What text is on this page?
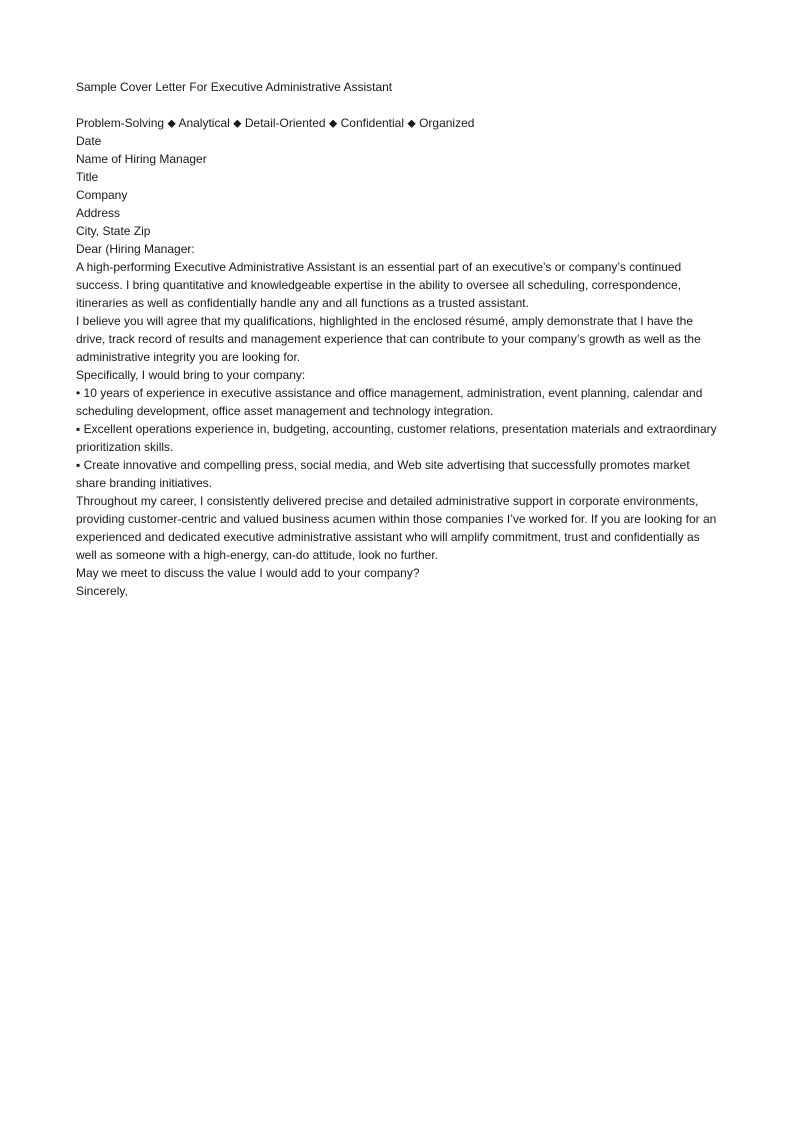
Sample Cover Letter For Executive Administrative Assistant

Problem-Solving ⬥ Analytical ⬥ Detail-Oriented ⬥ Confidential ⬥ Organized

Date

Name of Hiring Manager

Title

Company

Address

City, State Zip

Dear (Hiring Manager:

A high-performing Executive Administrative Assistant is an essential part of an executive’s or company’s continued success. I bring quantitative and knowledgeable expertise in the ability to oversee all scheduling, correspondence, itineraries as well as confidentially handle any and all functions as a trusted assistant.

I believe you will agree that my qualifications, highlighted in the enclosed résumé, amply demonstrate that I have the drive, track record of results and management experience that can contribute to your company’s growth as well as the administrative integrity you are looking for.

Specifically, I would bring to your company:

• 10 years of experience in executive assistance and office management, administration, event planning, calendar and scheduling development, office asset management and technology integration.

▪ Excellent operations experience in, budgeting, accounting, customer relations, presentation materials and extraordinary prioritization skills.

▪ Create innovative and compelling press, social media, and Web site advertising that successfully promotes market share branding initiatives.

Throughout my career, I consistently delivered precise and detailed administrative support in corporate environments, providing customer-centric and valued business acumen within those companies I’ve worked for. If you are looking for an experienced and dedicated executive administrative assistant who will amplify commitment, trust and confidentially as well as someone with a high-energy, can-do attitude, look no further.

May we meet to discuss the value I would add to your company?

Sincerely,
